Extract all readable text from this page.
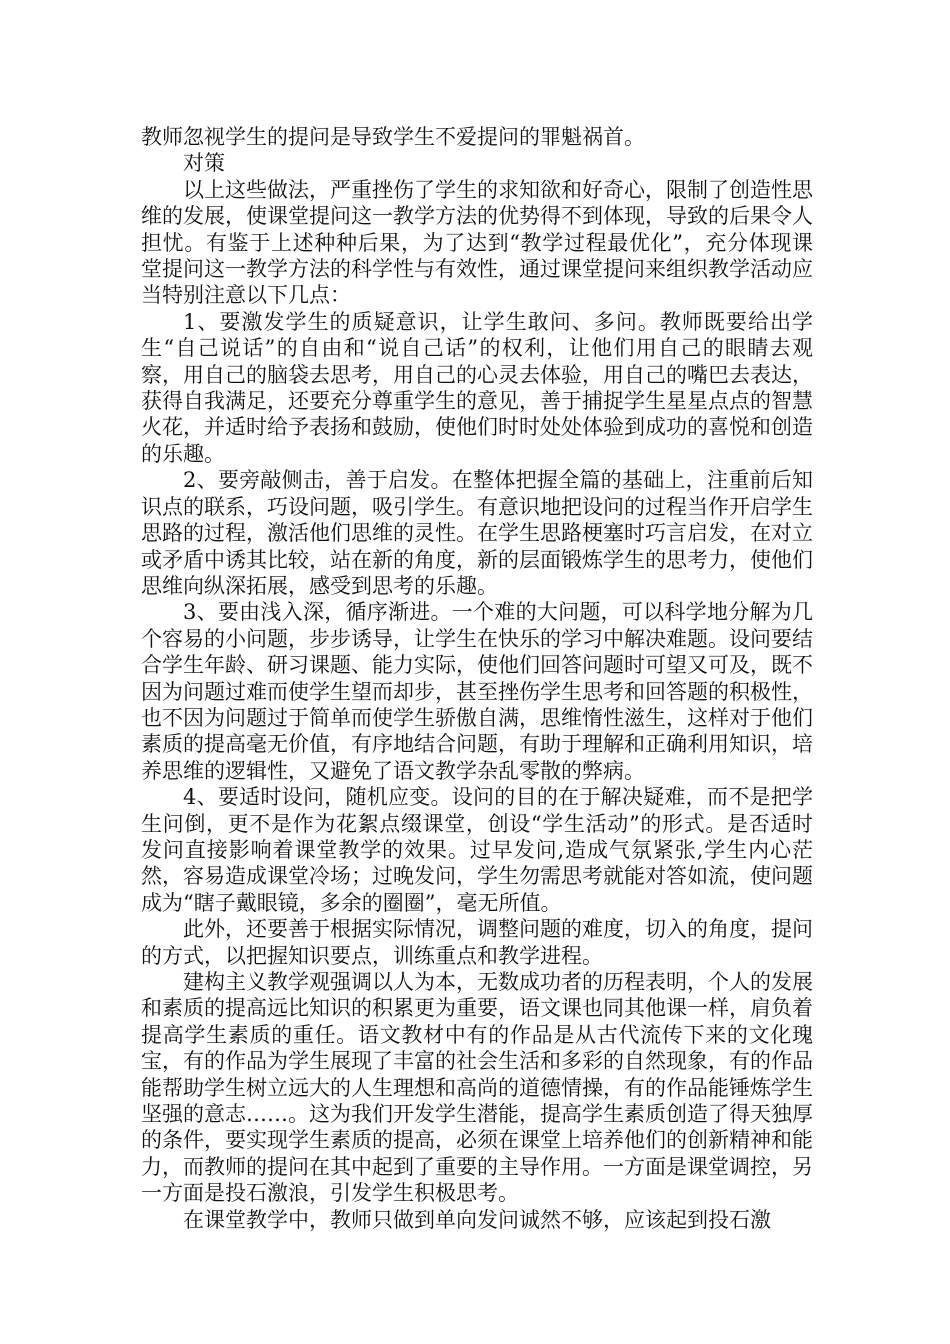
教师忽视学生的提问是导致学生不爱提问的罪魁祸首。

对策

以上这些做法，严重挫伤了学生的求知欲和好奇心，限制了创造性思维的发展，使课堂提问这一教学方法的优势得不到体现，导致的后果令人担忧。有鉴于上述种种后果，为了达到“教学过程最优化”，充分体现课堂提问这一教学方法的科学性与有效性，通过课堂提问来组织教学活动应当特别注意以下几点：

1、要激发学生的质疑意识，让学生敢问、多问。教师既要给出学生“自己说话”的自由和“说自己话”的权利，让他们用自己的眼睛去观察，用自己的脑袋去思考，用自己的心灵去体验，用自己的嘴巴去表达，获得自我满足，还要充分尊重学生的意见，善于捕捉学生星星点点的智慧火花，并适时给予表扬和鼓励，使他们时时处处体验到成功的喜悦和创造的乐趣。

2、要旁敲侧击，善于启发。在整体把握全篇的基础上，注重前后知识点的联系，巧设问题，吸引学生。有意识地把设问的过程当作开启学生思路的过程，激活他们思维的灵性。在学生思路梗塞时巧言启发，在对立或矛盾中诱其比较，站在新的角度，新的层面锻炼学生的思考力，使他们思维向纵深拓展，感受到思考的乐趣。

3、要由浅入深，循序渐进。一个难的大问题，可以科学地分解为几个容易的小问题，步步诱导，让学生在快乐的学习中解决难题。设问要结合学生年龄、研习课题、能力实际，使他们回答问题时可望又可及，既不因为问题过难而使学生望而却步，甚至挫伤学生思考和回答题的积极性，也不因为问题过于简单而使学生骄傲自满，思维惰性滋生，这样对于他们素质的提高毫无价值，有序地结合问题，有助于理解和正确利用知识，培养思维的逻辑性，又避免了语文教学杂乱零散的弊病。

4、要适时设问，随机应变。设问的目的在于解决疑难，而不是把学生问倒，更不是作为花絮点缀课堂，创设“学生活动”的形式。是否适时发问直接影响着课堂教学的效果。过早发问,造成气氛紧张,学生内心茫然，容易造成课堂冷场；过晚发问，学生勿需思考就能对答如流，使问题成为“瞎子戴眼镜，多余的圈圈”，毫无所值。

此外，还要善于根据实际情况，调整问题的难度，切入的角度，提问的方式，以把握知识要点，训练重点和教学进程。

建构主义教学观强调以人为本，无数成功者的历程表明，个人的发展和素质的提高远比知识的积累更为重要，语文课也同其他课一样，肩负着提高学生素质的重任。语文教材中有的作品是从古代流传下来的文化瑰宝，有的作品为学生展现了丰富的社会生活和多彩的自然现象，有的作品能帮助学生树立远大的人生理想和高尚的道德情操，有的作品能锤炼学生坚强的意志……。这为我们开发学生潜能，提高学生素质创造了得天独厚的条件，要实现学生素质的提高，必须在课堂上培养他们的创新精神和能力，而教师的提问在其中起到了重要的主导作用。一方面是课堂调控，另一方面是投石激浪，引发学生积极思考。

在课堂教学中，教师只做到单向发问诚然不够，应该起到投石激
